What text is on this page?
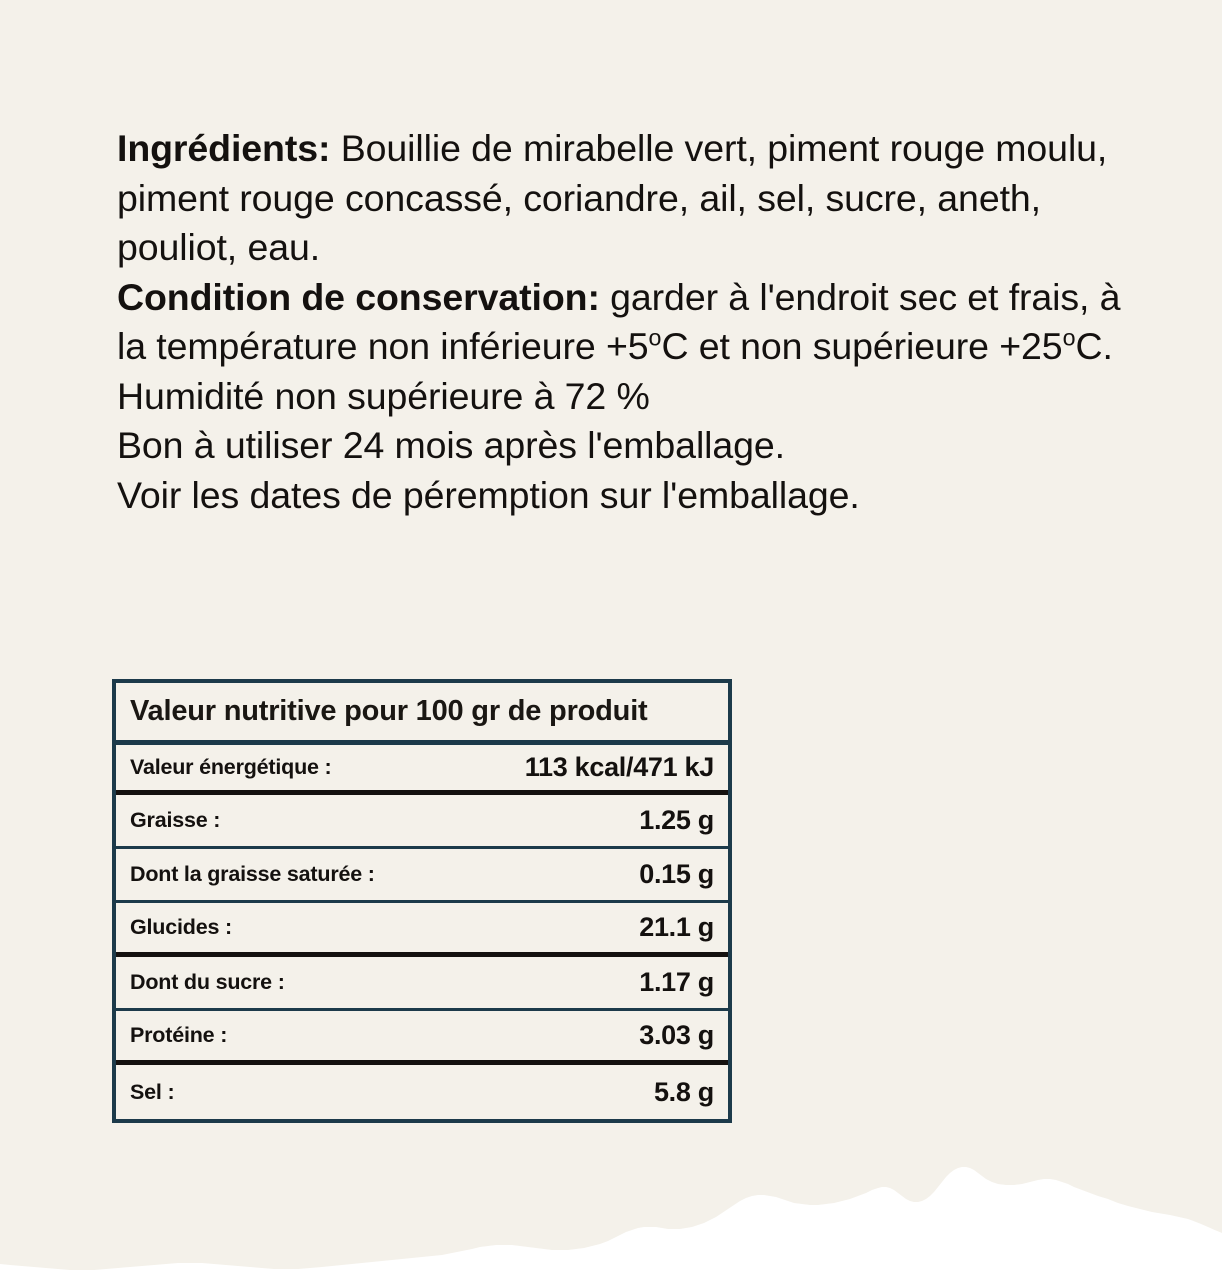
Ingrédients: Bouillie de mirabelle vert, piment rouge moulu, piment rouge concassé, coriandre, ail, sel, sucre, aneth, pouliot, eau.

Condition de conservation: garder à l'endroit sec et frais, à la température non inférieure $+5^oC$ et non supérieure $+25^oC$.

Humidité non supérieure à 72 %

Bon à utiliser 24 mois après l'emballage.

Voir les dates de péremption sur l'emballage.

Valeur nutritive pour 100 gr de produit
Valeur énergétique :	113 kcal/471 kJ
Graisse :	1.25 g
Dont la graisse saturée :	0.15 g
Glucides :	21.1 g
Dont du sucre :	1.17 g
Protéine :	3.03 g
Sel :	5.8 g
